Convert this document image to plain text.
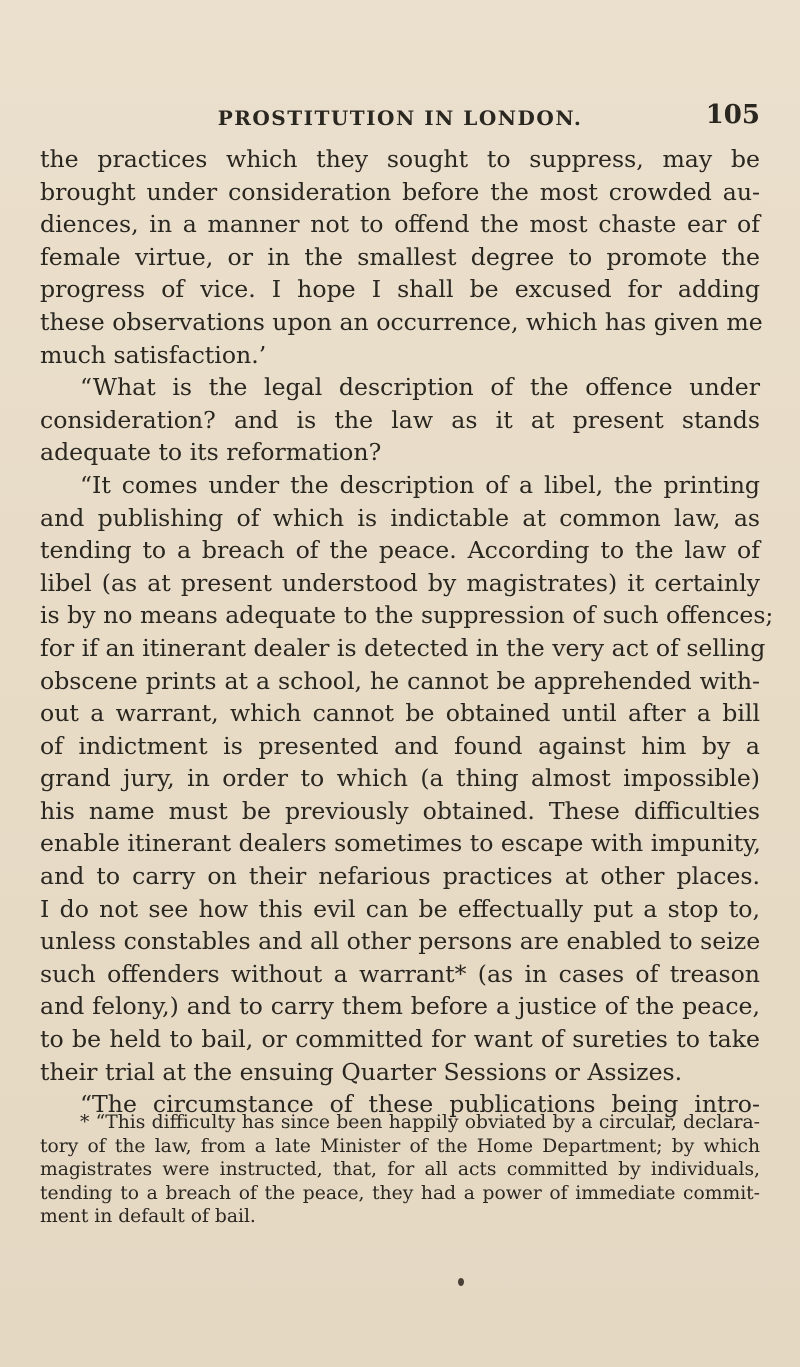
PROSTITUTION IN LONDON.	105
the practices which they sought to suppress, may be
brought under consideration before the most crowded au-
diences, in a manner not to offend the most chaste ear of
female virtue, or in the smallest degree to promote the
progress of vice. I hope I shall be excused for adding
these observations upon an occurrence, which has given me
much satisfaction.’
“What is the legal description of the offence under
consideration? and is the law as it at present stands
adequate to its reformation?
“It comes under the description of a libel, the printing
and publishing of which is indictable at common law, as
tending to a breach of the peace. According to the law of
libel (as at present understood by magistrates) it certainly
is by no means adequate to the suppression of such offences;
for if an itinerant dealer is detected in the very act of selling
obscene prints at a school, he cannot be apprehended with-
out a warrant, which cannot be obtained until after a bill
of indictment is presented and found against him by a
grand jury, in order to which (a thing almost impossible)
his name must be previously obtained. These difficulties
enable itinerant dealers sometimes to escape with impunity,
and to carry on their nefarious practices at other places.
I do not see how this evil can be effectually put a stop to,
unless constables and all other persons are enabled to seize
such offenders without a warrant* (as in cases of treason
and felony,) and to carry them before a justice of the peace,
to be held to bail, or committed for want of sureties to take
their trial at the ensuing Quarter Sessions or Assizes.
“The circumstance of these publications being intro-
* “This difficulty has since been happily obviated by a circular, declara-
tory of the law, from a late Minister of the Home Department; by which
magistrates were instructed, that, for all acts committed by individuals,
tending to a breach of the peace, they had a power of immediate commit-
ment in default of bail.
